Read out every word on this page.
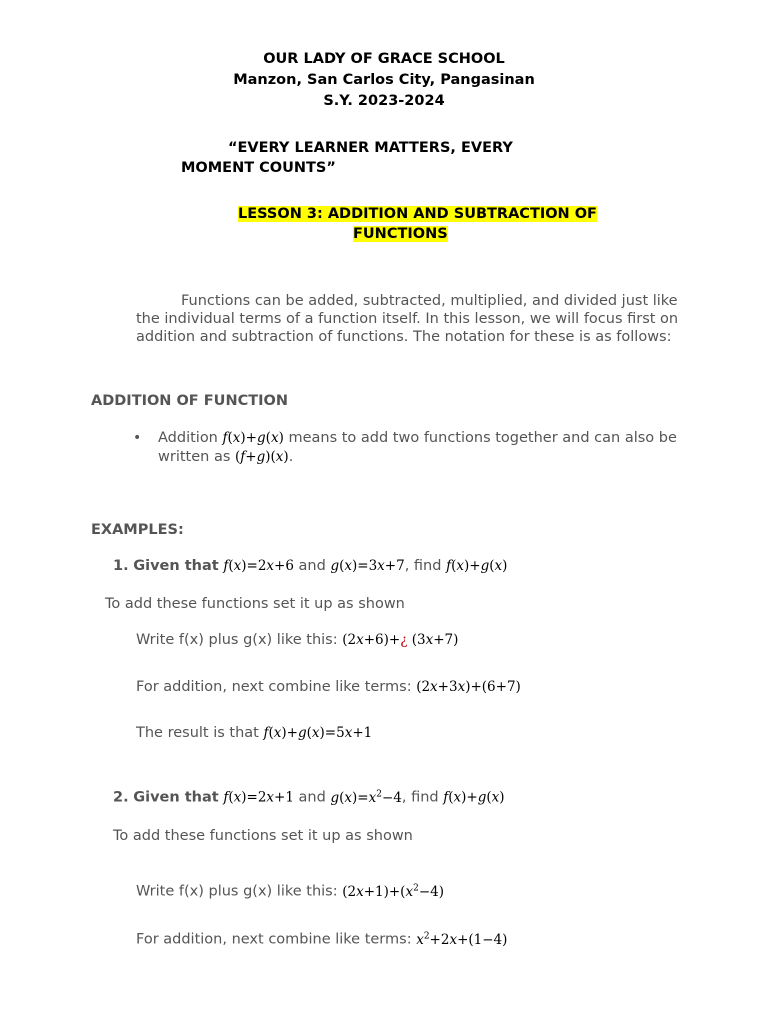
OUR LADY OF GRACE SCHOOL
Manzon, San Carlos City, Pangasinan
S.Y. 2023-2024
“EVERY LEARNER MATTERS, EVERY
MOMENT COUNTS”
LESSON 3: ADDITION AND SUBTRACTION OF
FUNCTIONS
Functions can be added, subtracted, multiplied, and divided just like
the individual terms of a function itself. In this lesson, we will focus first on
addition and subtraction of functions. The notation for these is as follows:
ADDITION OF FUNCTION
• Addition f(x)+g(x) means to add two functions together and can also be
written as (f+g)(x).
EXAMPLES:
1. Given that f(x)=2x+6 and g(x)=3x+7, find f(x)+g(x)
To add these functions set it up as shown
Write f(x) plus g(x) like this: (2x+6)+¿ (3x+7)
For addition, next combine like terms: (2x+3x)+(6+7)
The result is that f(x)+g(x)=5x+1
2. Given that f(x)=2x+1 and $g(x)=x^2-4$, find f(x)+g(x)
To add these functions set it up as shown
Write f(x) plus g(x) like this: $(2x+1)+(x^2-4)$
For addition, next combine like terms: $x^2+2x+(1-4)$
